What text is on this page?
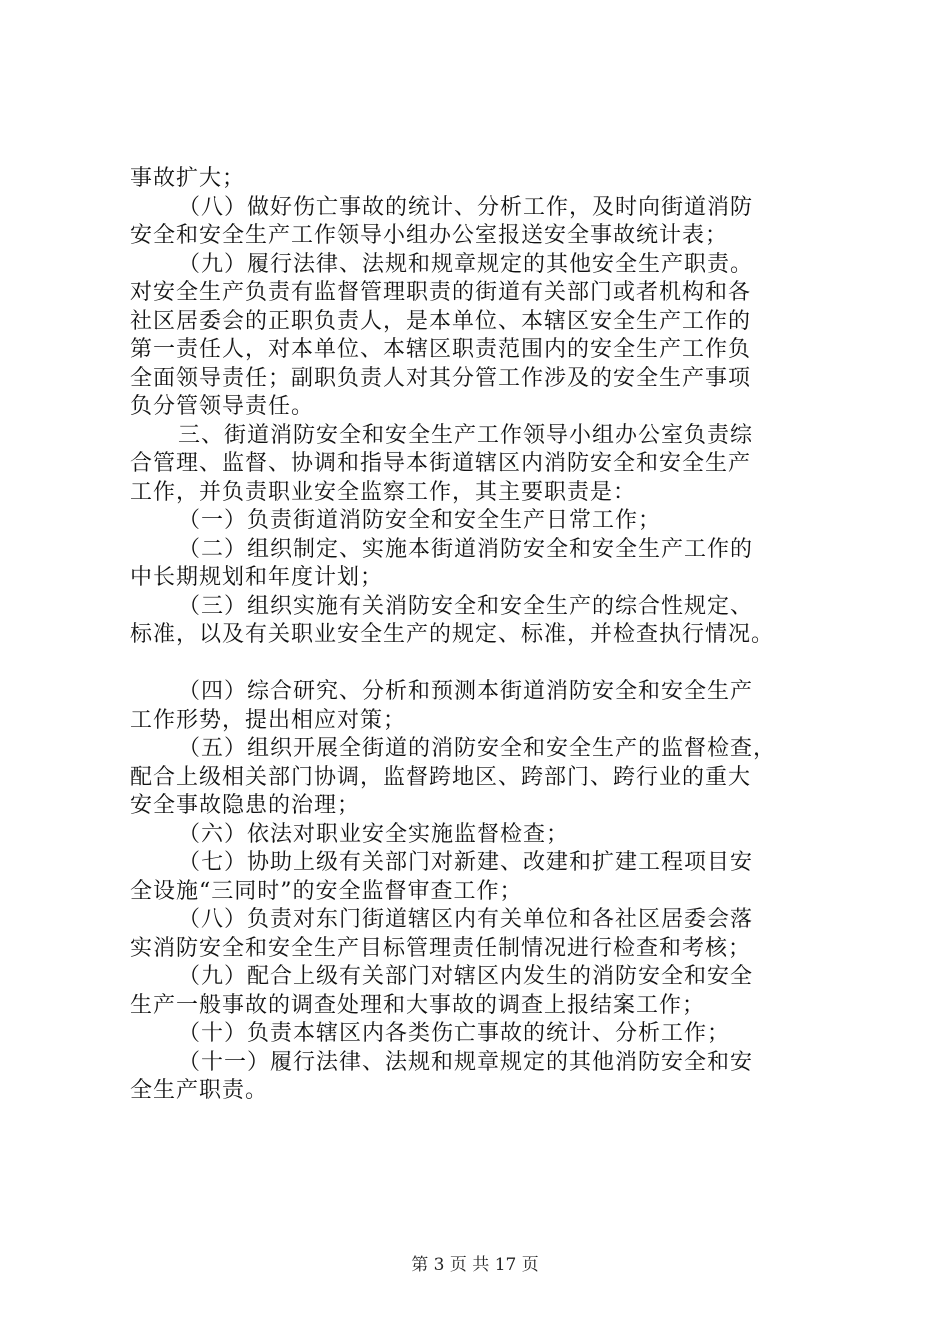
事故扩大；
（八）做好伤亡事故的统计、分析工作，及时向街道消防
安全和安全生产工作领导小组办公室报送安全事故统计表；
（九）履行法律、法规和规章规定的其他安全生产职责。
对安全生产负责有监督管理职责的街道有关部门或者机构和各
社区居委会的正职负责人，是本单位、本辖区安全生产工作的
第一责任人，对本单位、本辖区职责范围内的安全生产工作负
全面领导责任；副职负责人对其分管工作涉及的安全生产事项
负分管领导责任。
三、街道消防安全和安全生产工作领导小组办公室负责综
合管理、监督、协调和指导本街道辖区内消防安全和安全生产
工作，并负责职业安全监察工作，其主要职责是：
（一）负责街道消防安全和安全生产日常工作；
（二）组织制定、实施本街道消防安全和安全生产工作的
中长期规划和年度计划；
（三）组织实施有关消防安全和安全生产的综合性规定、
标准，以及有关职业安全生产的规定、标准，并检查执行情况。
（四）综合研究、分析和预测本街道消防安全和安全生产
工作形势，提出相应对策；
（五）组织开展全街道的消防安全和安全生产的监督检查，
配合上级相关部门协调，监督跨地区、跨部门、跨行业的重大
安全事故隐患的治理；
（六）依法对职业安全实施监督检查；
（七）协助上级有关部门对新建、改建和扩建工程项目安
全设施“三同时”的安全监督审查工作；
（八）负责对东门街道辖区内有关单位和各社区居委会落
实消防安全和安全生产目标管理责任制情况进行检查和考核；
（九）配合上级有关部门对辖区内发生的消防安全和安全
生产一般事故的调查处理和大事故的调查上报结案工作；
（十）负责本辖区内各类伤亡事故的统计、分析工作；
（十一）履行法律、法规和规章规定的其他消防安全和安
全生产职责。
第 3 页 共 17 页
